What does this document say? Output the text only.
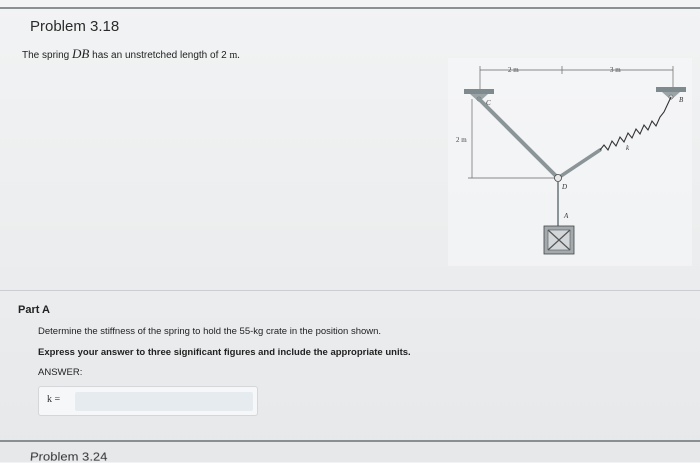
Problem 3.18
The spring DB has an unstretched length of 2 m.
2 m	3 m
C	B
k
2 m
D
A
Part A
Determine the stiffness of the spring to hold the 55-kg crate in the position shown.
Express your answer to three significant figures and include the appropriate units.
ANSWER:
k =
Problem 3.24
